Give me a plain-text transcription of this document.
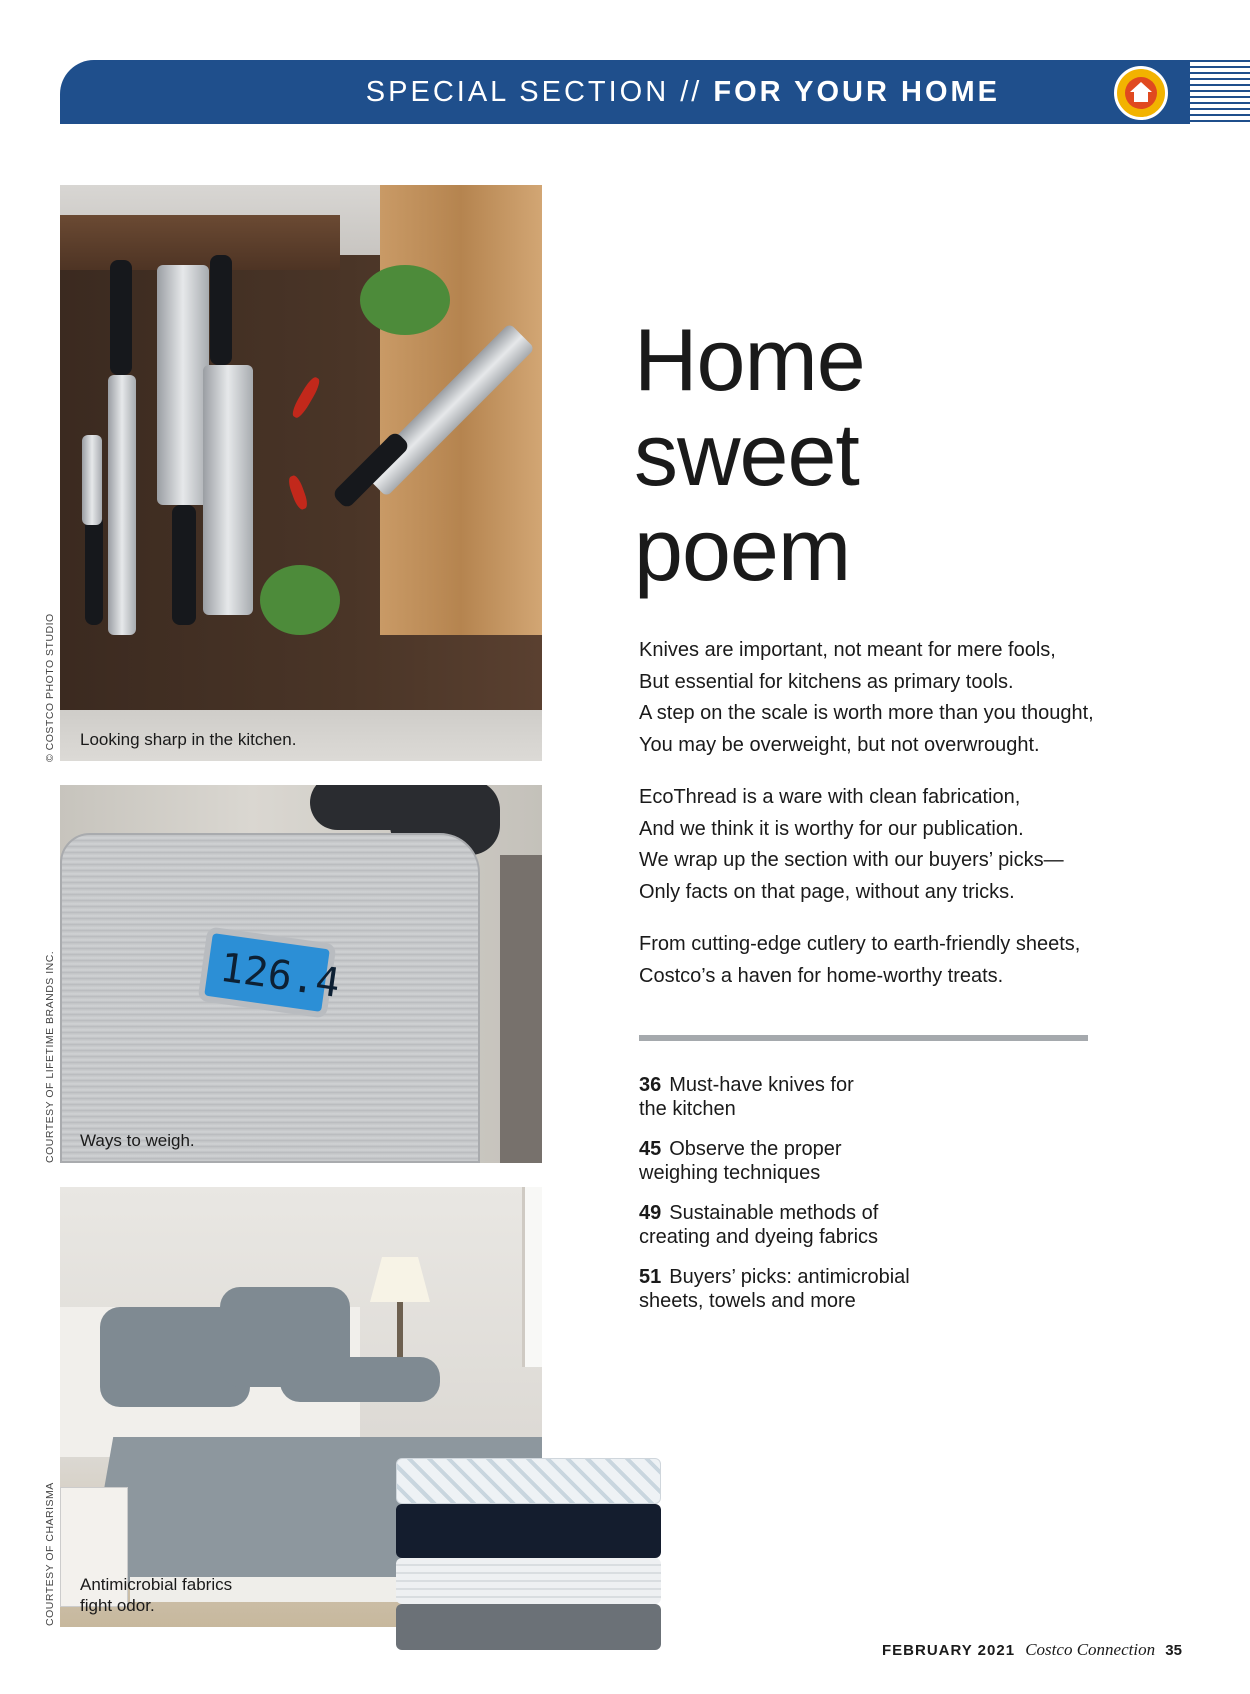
SPECIAL SECTION // FOR YOUR HOME
Looking sharp in the kitchen.
© COSTCO PHOTO STUDIO
126.4
Ways to weigh.
COURTESY OF LIFETIME BRANDS INC.
Antimicrobial fabrics
fight odor.
COURTESY OF CHARISMA
Home
sweet
poem
Knives are important, not meant for mere fools,
But essential for kitchens as primary tools.
A step on the scale is worth more than you thought,
You may be overweight, but not overwrought.
EcoThread is a ware with clean fabrication,
And we think it is worthy for our publication.
We wrap up the section with our buyers’ picks—
Only facts on that page, without any tricks.
From cutting-edge cutlery to earth-friendly sheets,
Costco’s a haven for home-worthy treats.
36 Must-have knives for
the kitchen
45 Observe the proper
weighing techniques
49 Sustainable methods of
creating and dyeing fabrics
51 Buyers’ picks: antimicrobial
sheets, towels and more
FEBRUARY 2021 Costco Connection 35
